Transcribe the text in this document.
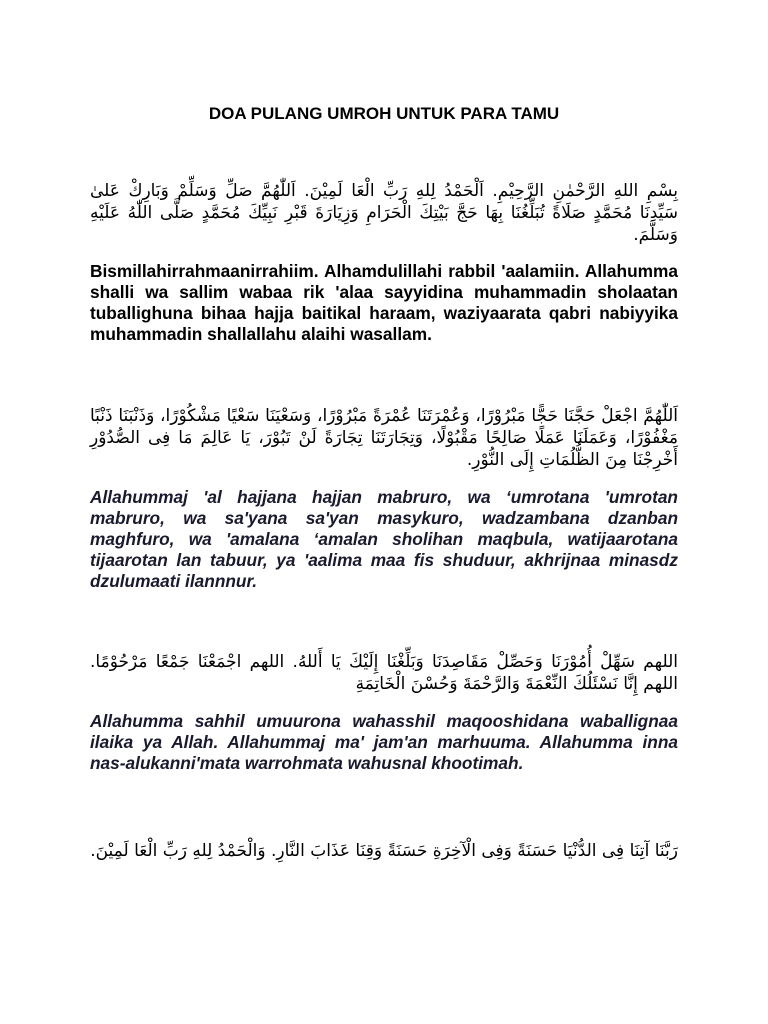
DOA PULANG UMROH UNTUK PARA TAMU

بِسْمِ اللهِ الرَّحْمٰنِ الرَّحِيْمِ. اَلْحَمْدُ لِلهِ رَبِّ الْعَا لَمِيْنَ. اَللّٰهُمَّ صَلِّ وَسَلِّمْ وَبَارِكْ عَلىٰ سَيِّدِنَا مُحَمَّدٍ صَلَاةً تُبَلِّغُنَا بِهَا حَجَّ بَيْتِكَ الْحَرَامِ وَزِيَارَةَ قَبْرِ نَبِيِّكَ مُحَمَّدٍ صَلَّى اللّٰهُ عَلَيْهِ وَسَلَّمَ.

Bismillahirrahmaanirrahiim. Alhamdulillahi rabbil 'aalamiin. Allahumma shalli wa sallim wabaa rik 'alaa sayyidina muhammadin sholaatan tuballighuna bihaa hajja baitikal haraam, waziyaarata qabri nabiyyika muhammadin shallallahu alaihi wasallam.

اَللّٰهُمَّ اجْعَلْ حَجَّنَا حَجًّا مَبْرُوْرًا، وَعُمْرَتَنَا عُمْرَةً مَبْرُوْرًا، وَسَعْيَنَا سَعْيًا مَشْكُوْرًا، وَذَنْبَنَا ذَنْبًا مَغْفُوْرًا، وَعَمَلَنَا عَمَلًا صَالِحًا مَقْبُوْلًا، وَتِجَارَتَنَا تِجَارَةً لَنْ تَبُوْرَ، يَا عَالِمَ مَا فِى الصُّدُوْرِ أَخْرِجْنَا مِنَ الظُّلُمَاتِ إِلَى النُّوْرِ.

Allahummaj 'al hajjana hajjan mabruro, wa ‘umrotana 'umrotan mabruro, wa sa'yana sa'yan masykuro, wadzambana dzanban maghfuro, wa 'amalana ‘amalan sholihan maqbula, watijaarotana tijaarotan lan tabuur, ya 'aalima maa fis shuduur, akhrijnaa minasdz dzulumaati ilannnur.

اللهم سَهِّلْ أُمُوْرَنَا وَحَصِّلْ مَقَاصِدَنَا وَبَلِّغْنَا إِلَيْكَ يَا أَللهُ. اللهم اجْمَعْنَا جَمْعًا مَرْحُوْمًا. اللهم إِنَّا نَسْئَلُكَ النِّعْمَةَ وَالرَّحْمَةَ وَحُسْنَ الْخَاتِمَةِ

Allahumma sahhil umuurona wahasshil maqooshidana waballignaa ilaika ya Allah. Allahummaj ma' jam'an marhuuma. Allahumma inna nas-alukanni'mata warrohmata wahusnal khootimah.

رَبَّنَا آتِنَا فِى الدُّنْيَا حَسَنَةً وَفِى الْآخِرَةِ حَسَنَةً وَقِنَا عَذَابَ النَّارِ. وَالْحَمْدُ لِلهِ رَبِّ الْعَا لَمِيْنَ.
